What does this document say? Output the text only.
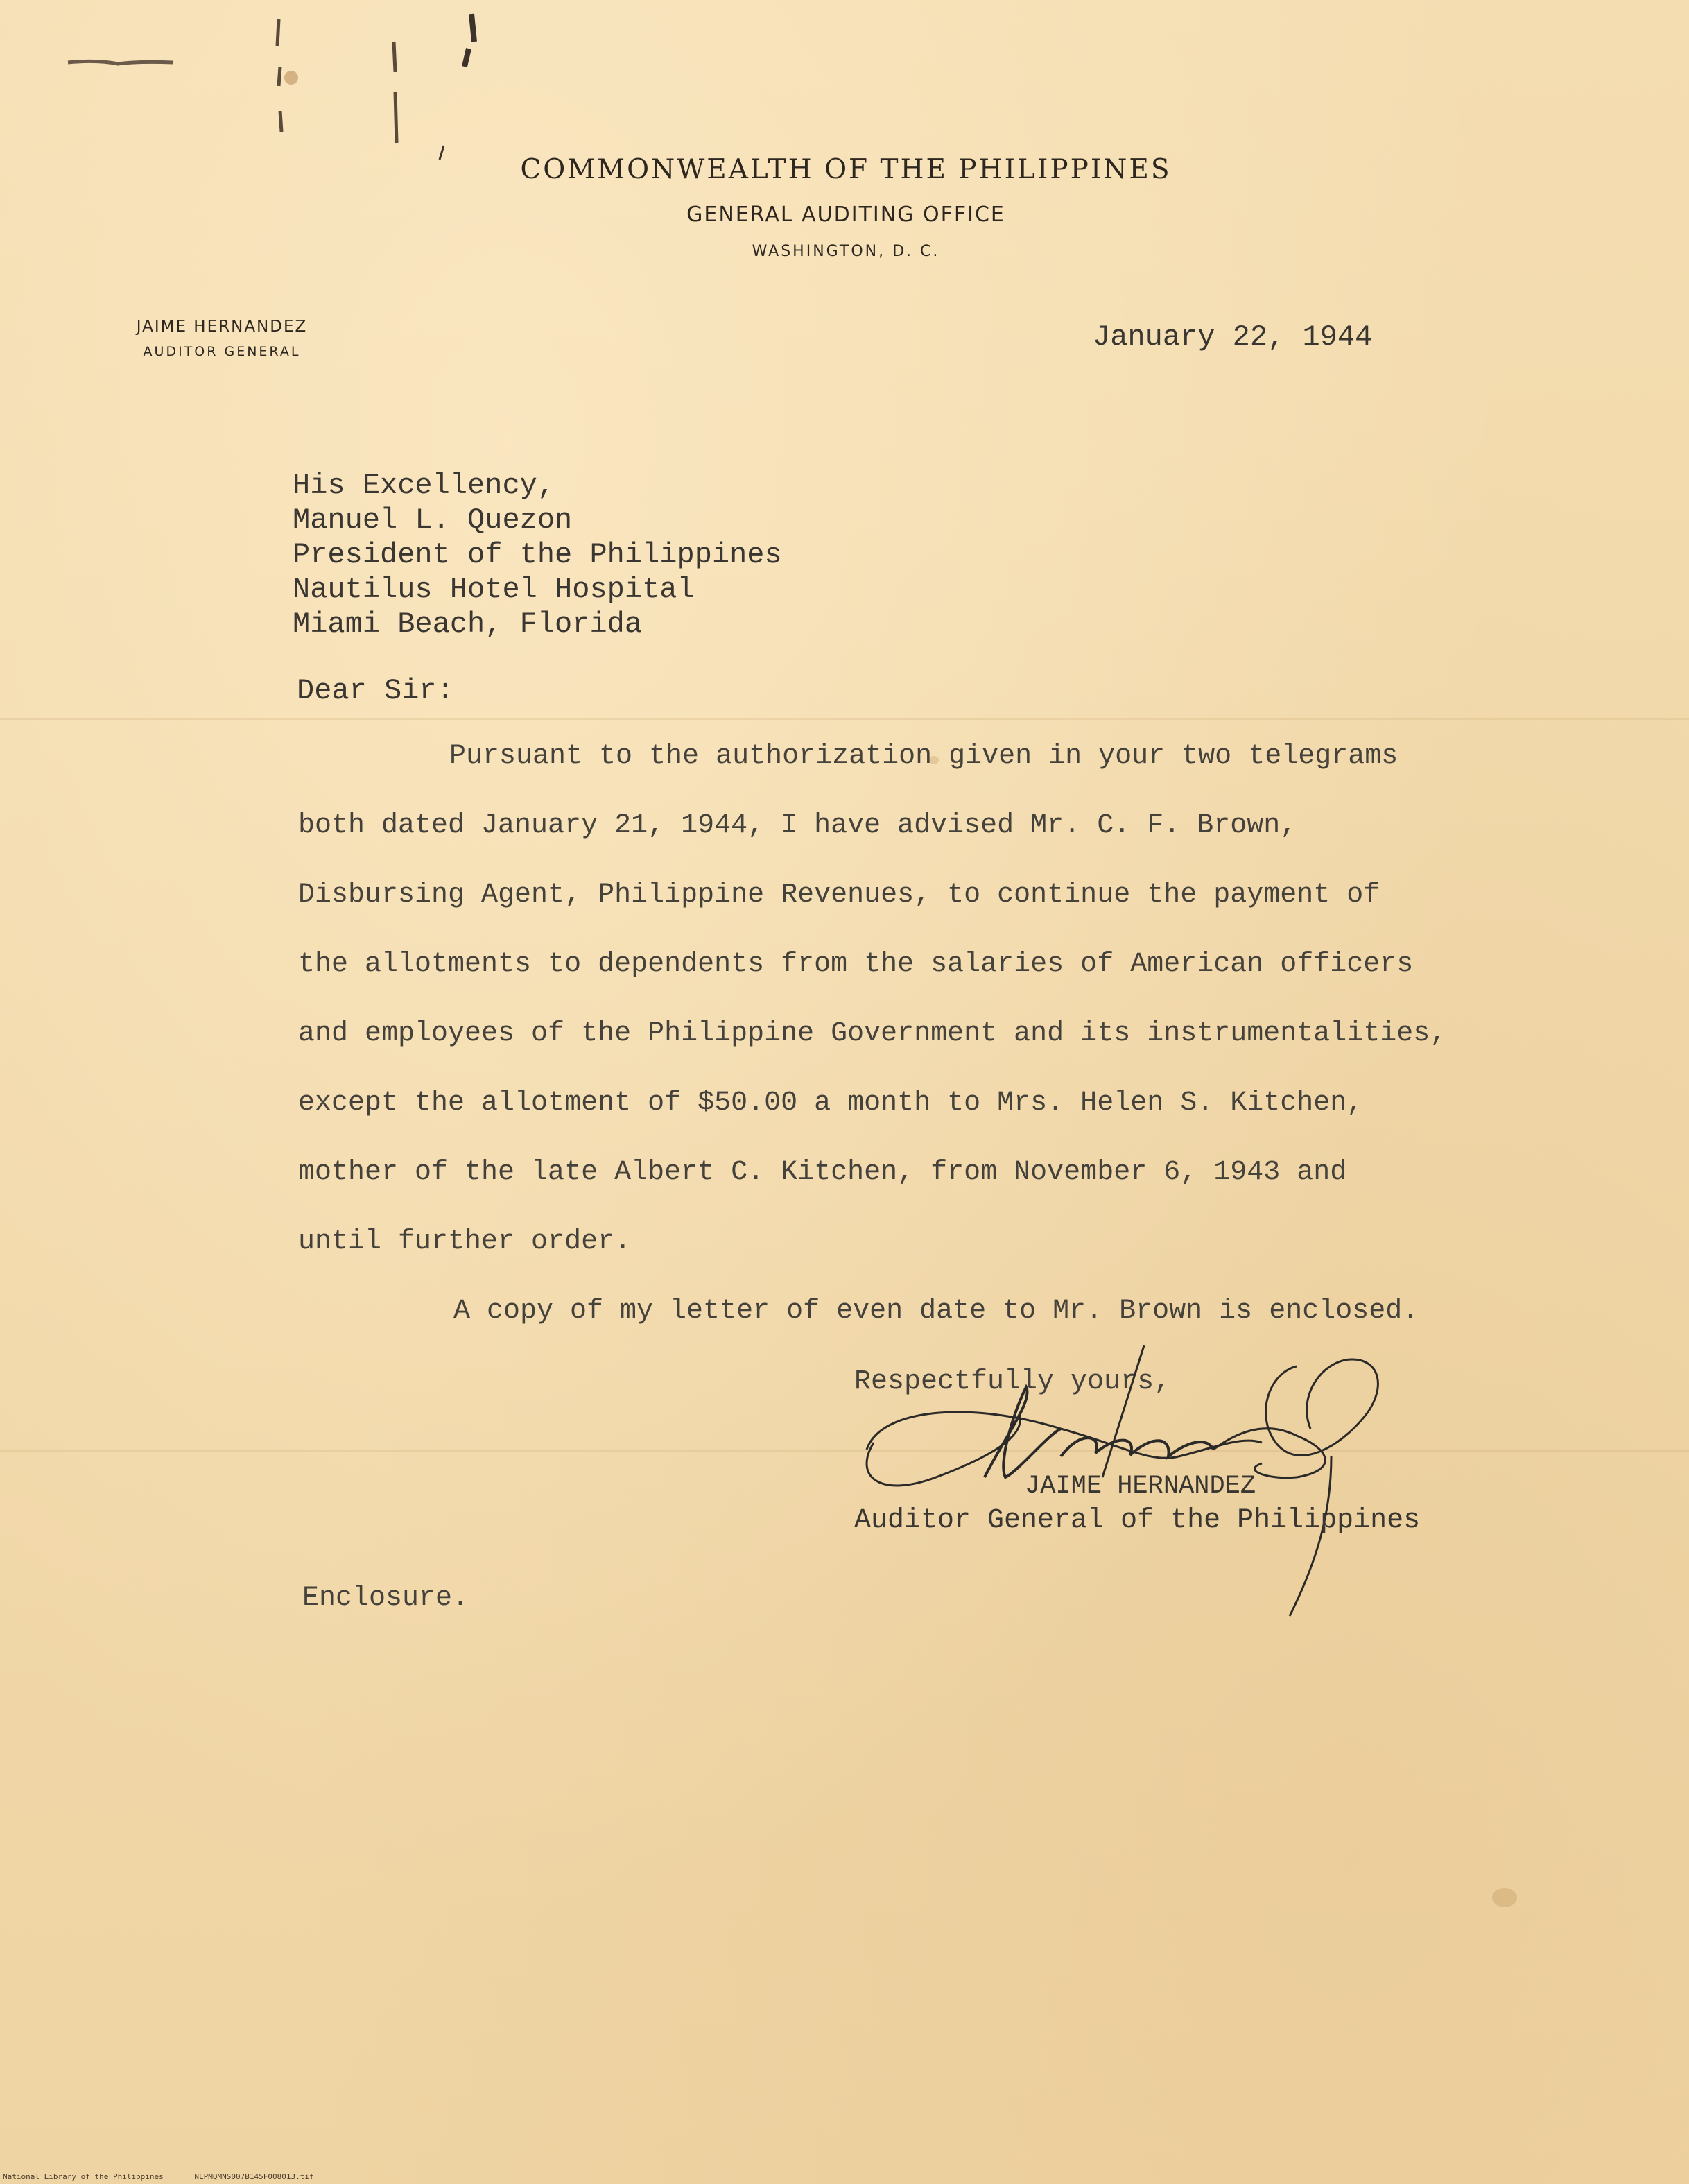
COMMONWEALTH OF THE PHILIPPINES
GENERAL AUDITING OFFICE
WASHINGTON, D. C.
JAIME HERNANDEZ
AUDITOR GENERAL	January 22, 1944
His Excellency,
Manuel L. Quezon
President of the Philippines
Nautilus Hotel Hospital
Miami Beach, Florida
Dear Sir:
Pursuant to the authorization given in your two telegrams
both dated January 21, 1944, I have advised Mr. C. F. Brown,
Disbursing Agent, Philippine Revenues, to continue the payment of
the allotments to dependents from the salaries of American officers
and employees of the Philippine Government and its instrumentalities,
except the allotment of $50.00 a month to Mrs. Helen S. Kitchen,
mother of the late Albert C. Kitchen, from November 6, 1943 and
until further order.
A copy of my letter of even date to Mr. Brown is enclosed.
Respectfully yours,
JAIME HERNANDEZ
Auditor General of the Philippines
Enclosure.
National Library of the Philippines	NLPMQMNS007B145F008013.tif
